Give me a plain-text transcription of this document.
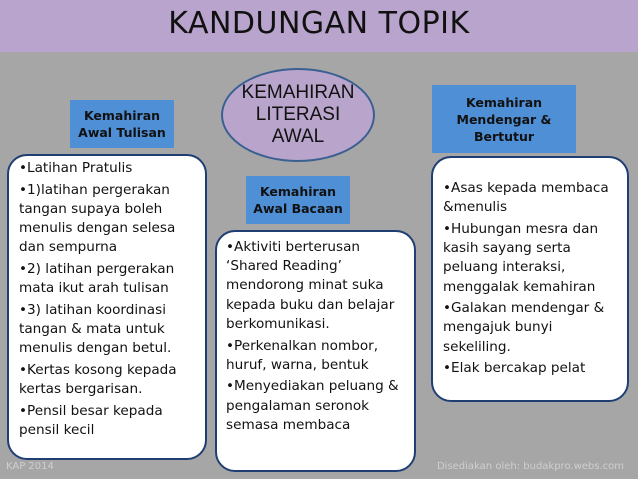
KANDUNGAN TOPIK
KEMAHIRAN
LITERASI
AWAL
Kemahiran
Awal Tulisan
Kemahiran
Awal Bacaan
Kemahiran
Mendengar &
Bertutur

•Latihan Pratulis

•1)latihan pergerakan tangan supaya boleh menulis dengan selesa dan sempurna

•2) latihan pergerakan mata ikut arah tulisan

•3) latihan koordinasi tangan & mata untuk menulis dengan betul.

•Kertas kosong kepada kertas bergarisan.

•Pensil besar kepada pensil kecil

•Aktiviti berterusan ‘Shared Reading’ mendorong minat suka kepada buku dan belajar berkomunikasi.

•Perkenalkan nombor, huruf, warna, bentuk

•Menyediakan peluang & pengalaman seronok semasa membaca

•Asas kepada membaca &menulis

•Hubungan mesra dan kasih sayang serta peluang interaksi, menggalak kemahiran

•Galakan mendengar & mengajuk bunyi sekeliling.

•Elak bercakap pelat

KAP 2014	Disediakan oleh: budakpro.webs.com
